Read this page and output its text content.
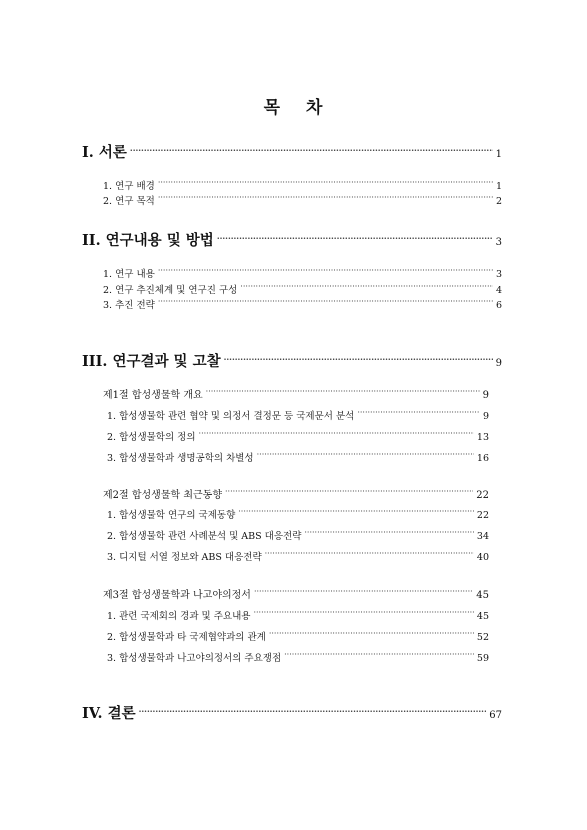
목 차
I. 서론 ·····	1
1. 연구 배경 ·····	1
2. 연구 목적 ·····	2
II. 연구내용 및 방법 ·····	3
1. 연구 내용 ·····	3
2. 연구 추진체계 및 연구진 구성 ·····	4
3. 추진 전략 ·····	6
III. 연구결과 및 고찰 ·····	9
제1절 합성생물학 개요 ·····	9
1. 합성생물학 관련 협약 및 의정서 결정문 등 국제문서 분석 ·····	9
2. 합성생물학의 정의 ·····	13
3. 합성생물학과 생명공학의 차별성 ·····	16
제2절 합성생물학 최근동향 ·····	22
1. 합성생물학 연구의 국제동향 ·····	22
2. 합성생물학 관련 사례분석 및 ABS 대응전략 ·····	34
3. 디지털 서열 정보와 ABS 대응전략 ·····	40
제3절 합성생물학과 나고야의정서 ·····	45
1. 관련 국제회의 경과 및 주요내용 ·····	45
2. 합성생물학과 타 국제협약과의 관계 ·····	52
3. 합성생물학과 나고야의정서의 주요쟁점 ·····	59
IV. 결론 ·····	67
